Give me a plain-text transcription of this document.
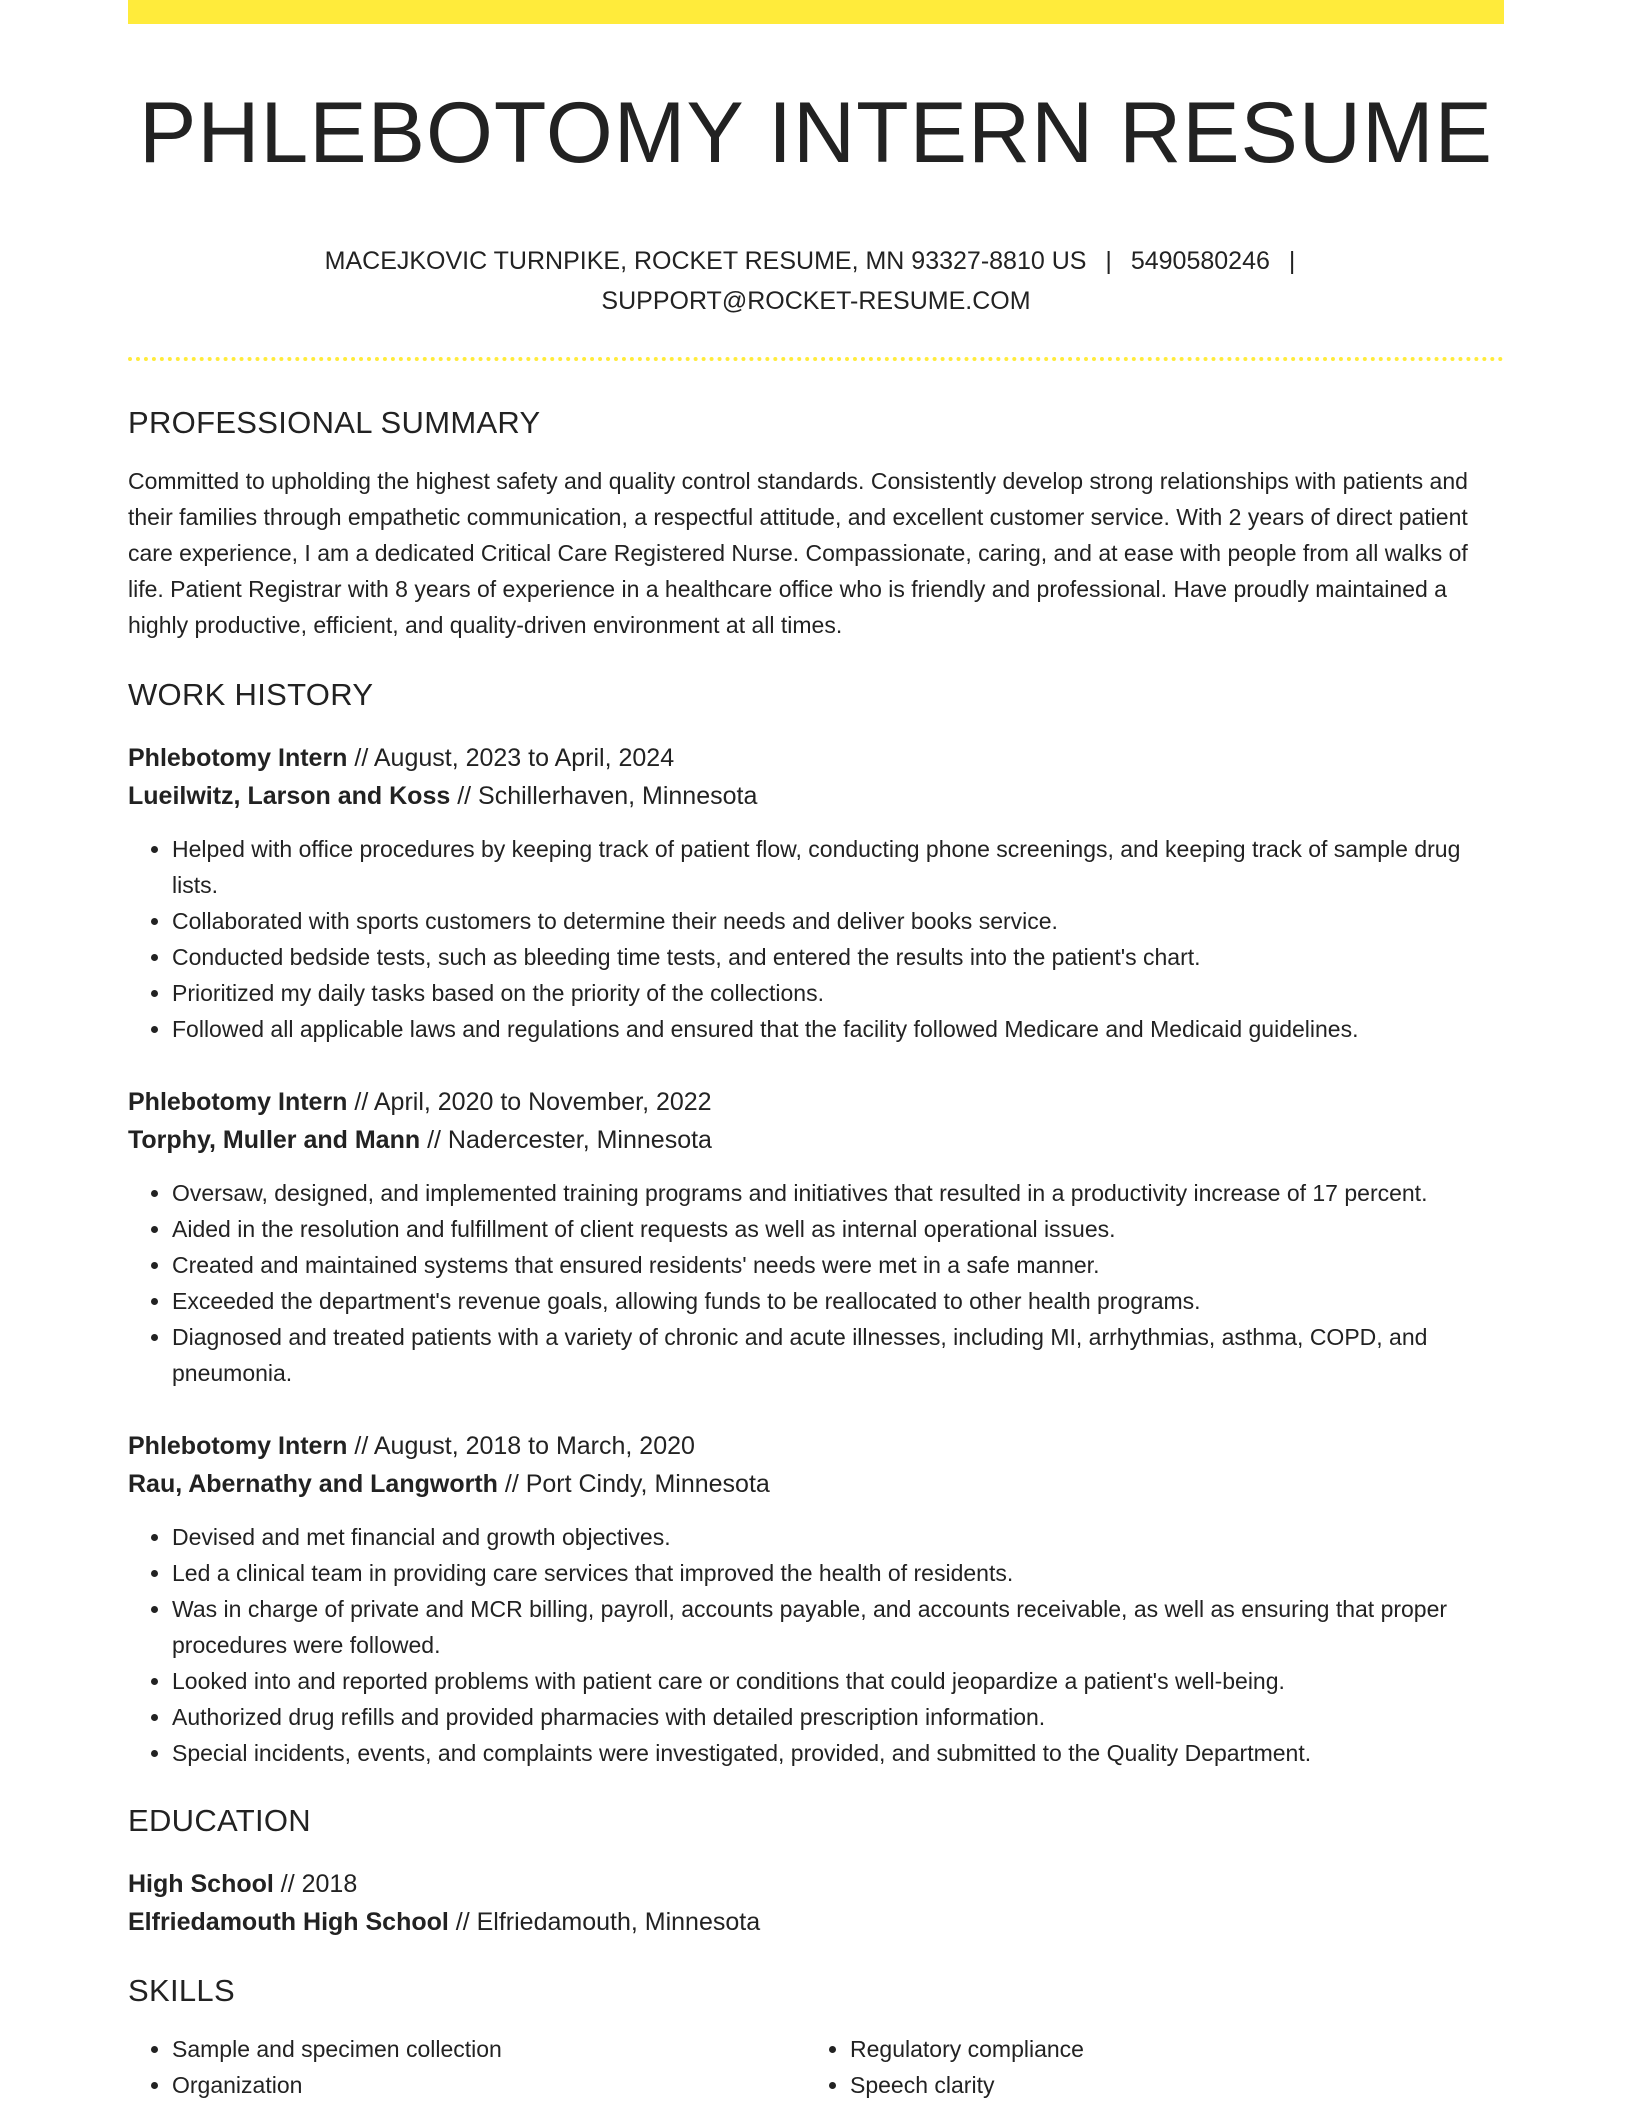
PHLEBOTOMY INTERN RESUME
MACEJKOVIC TURNPIKE, ROCKET RESUME, MN 93327-8810 US | 5490580246 |
SUPPORT@ROCKET-RESUME.COM
PROFESSIONAL SUMMARY
Committed to upholding the highest safety and quality control standards. Consistently develop strong relationships with patients and their families through empathetic communication, a respectful attitude, and excellent customer service. With 2 years of direct patient care experience, I am a dedicated Critical Care Registered Nurse. Compassionate, caring, and at ease with people from all walks of life. Patient Registrar with 8 years of experience in a healthcare office who is friendly and professional. Have proudly maintained a highly productive, efficient, and quality-driven environment at all times.
WORK HISTORY
Phlebotomy Intern // August, 2023 to April, 2024
Lueilwitz, Larson and Koss // Schillerhaven, Minnesota
• Helped with office procedures by keeping track of patient flow, conducting phone screenings, and keeping track of sample drug lists.
• Collaborated with sports customers to determine their needs and deliver books service.
• Conducted bedside tests, such as bleeding time tests, and entered the results into the patient's chart.
• Prioritized my daily tasks based on the priority of the collections.
• Followed all applicable laws and regulations and ensured that the facility followed Medicare and Medicaid guidelines.
Phlebotomy Intern // April, 2020 to November, 2022
Torphy, Muller and Mann // Nadercester, Minnesota
• Oversaw, designed, and implemented training programs and initiatives that resulted in a productivity increase of 17 percent.
• Aided in the resolution and fulfillment of client requests as well as internal operational issues.
• Created and maintained systems that ensured residents' needs were met in a safe manner.
• Exceeded the department's revenue goals, allowing funds to be reallocated to other health programs.
• Diagnosed and treated patients with a variety of chronic and acute illnesses, including MI, arrhythmias, asthma, COPD, and pneumonia.
Phlebotomy Intern // August, 2018 to March, 2020
Rau, Abernathy and Langworth // Port Cindy, Minnesota
• Devised and met financial and growth objectives.
• Led a clinical team in providing care services that improved the health of residents.
• Was in charge of private and MCR billing, payroll, accounts payable, and accounts receivable, as well as ensuring that proper procedures were followed.
• Looked into and reported problems with patient care or conditions that could jeopardize a patient's well-being.
• Authorized drug refills and provided pharmacies with detailed prescription information.
• Special incidents, events, and complaints were investigated, provided, and submitted to the Quality Department.
EDUCATION
High School // 2018
Elfriedamouth High School // Elfriedamouth, Minnesota
SKILLS
• Sample and specimen collection
• Organization
• Regulatory compliance
• Speech clarity
